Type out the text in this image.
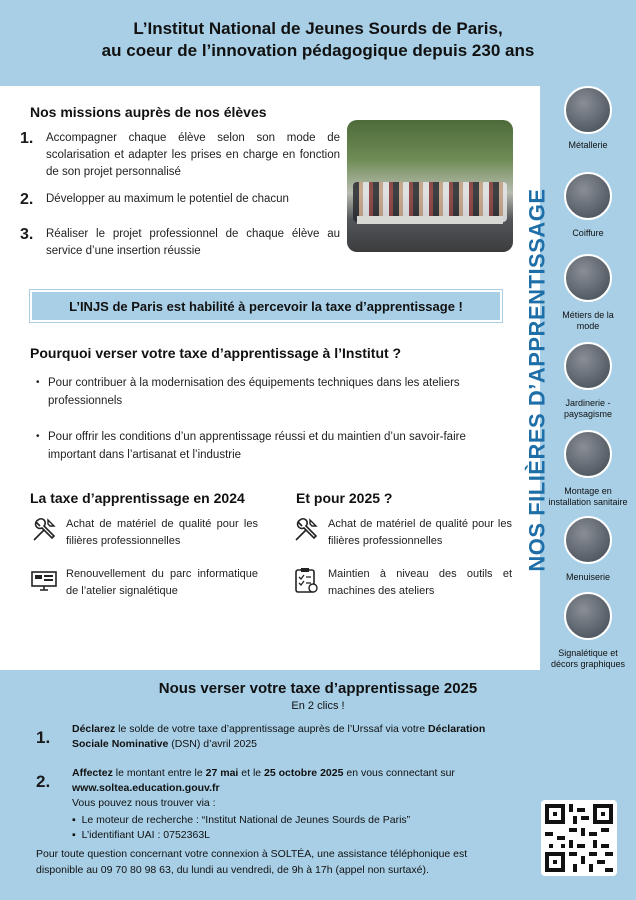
L’Institut National de Jeunes Sourds de Paris,
au coeur de l’innovation pédagogique depuis 230 ans
Nos missions auprès de nos élèves
1.	Accompagner chaque élève selon son mode de scolarisation et adapter les prises en charge en fonction de son projet personnalisé
2.	Développer au maximum le potentiel de chacun
3.	Réaliser le projet professionnel de chaque élève au service d’une insertion réussie
L’INJS de Paris est habilité à percevoir la taxe d’apprentissage !
Pourquoi verser votre taxe d’apprentissage à l’Institut ?
• Pour contribuer à la modernisation des équipements techniques dans les ateliers professionnels
• Pour offrir les conditions d’un apprentissage réussi et du maintien d’un savoir-faire important dans l’artisanat et l’industrie
La taxe d’apprentissage en 2024
Achat de matériel de qualité pour les filières professionnelles
Renouvellement du parc informatique de l’atelier signalétique
Et pour 2025 ?
Achat de matériel de qualité pour les filières professionnelles
Maintien à niveau des outils et machines des ateliers
NOS FILIÈRES D’APPRENTISSAGE
Métallerie
Coiffure
Métiers de la mode
Jardinerie - paysagisme
Montage en installation sanitaire
Menuiserie
Signalétique et décors graphiques
Nous verser votre taxe d’apprentissage 2025
En 2 clics !
1.	Déclarez le solde de votre taxe d’apprentissage auprès de l’Urssaf via votre Déclaration Sociale Nominative (DSN) d’avril 2025
2.	Affectez le montant entre le 27 mai et le 25 octobre 2025 en vous connectant sur
www.soltea.education.gouv.fr
Vous pouvez nous trouver via :
▪  Le moteur de recherche : “Institut National de Jeunes Sourds de Paris”
▪  L’identifiant UAI : 0752363L
Pour toute question concernant votre connexion à SOLTÉA, une assistance téléphonique est disponible au 09 70 80 98 63, du lundi au vendredi, de 9h à 17h (appel non surtaxé).
